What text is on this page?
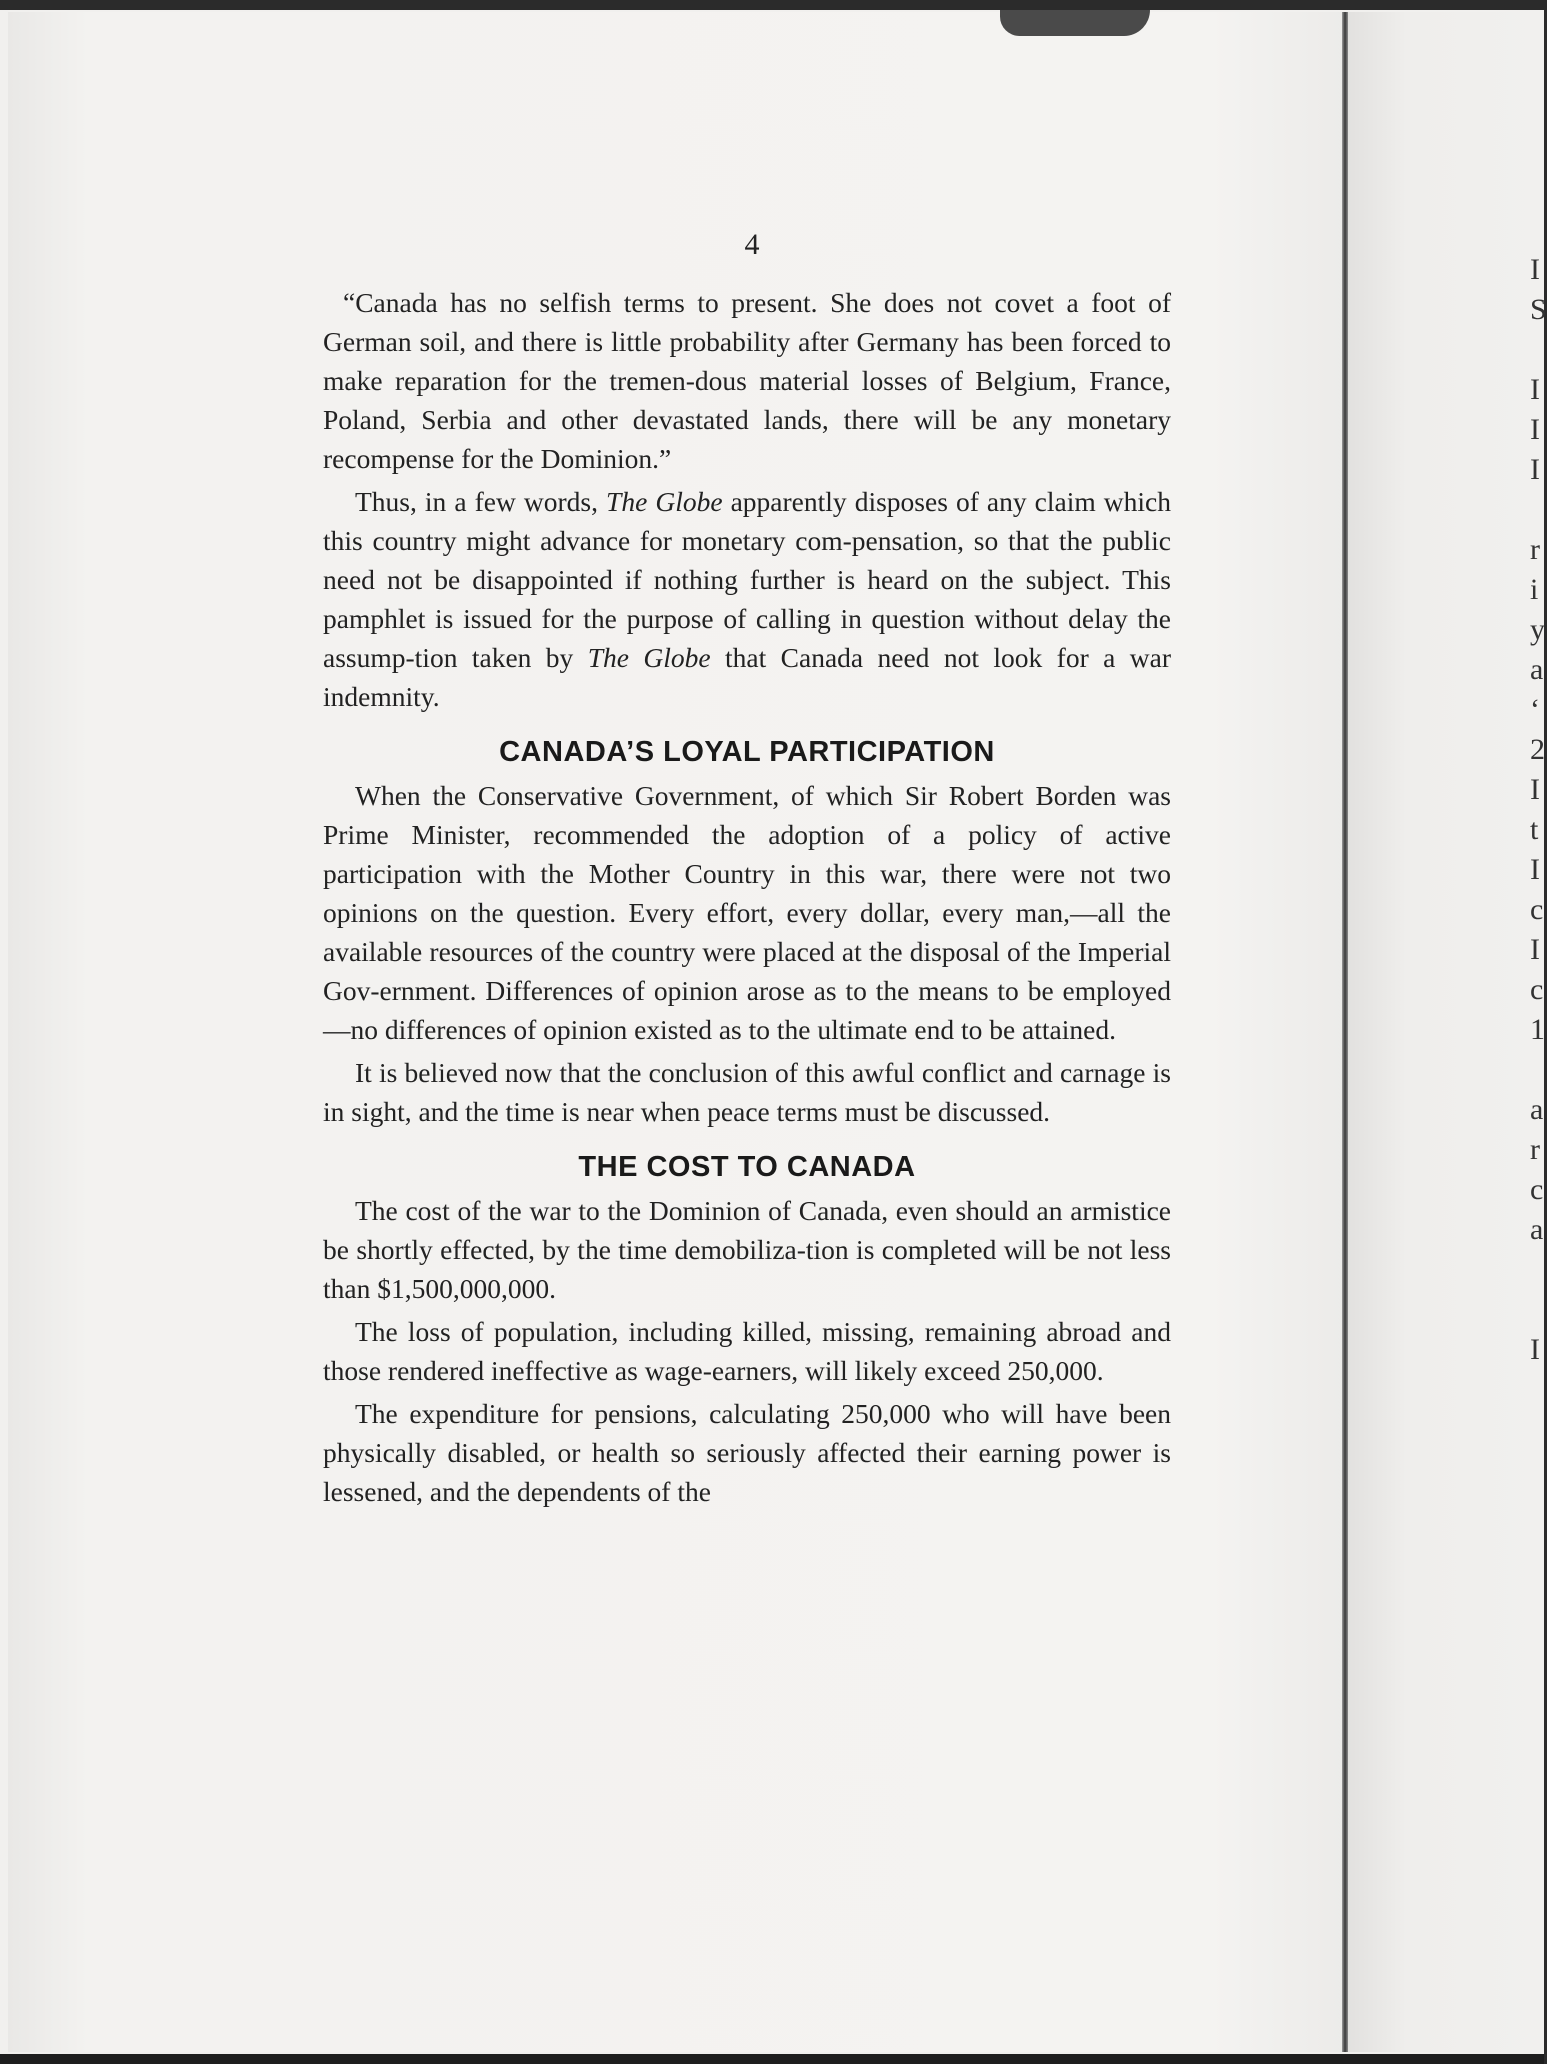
I
S
I
I
I
r
i
y
a
‘
2
I
t
I
c
I
c
1
a
r
c
a
I
4

“Canada has no selfish terms to present. She does not covet a foot of German soil, and there is little probability after Germany has been forced to make reparation for the tremen-dous material losses of Belgium, France, Poland, Serbia and other devastated lands, there will be any monetary recompense for the Dominion.”

Thus, in a few words, The Globe apparently disposes of any claim which this country might advance for monetary com-pensation, so that the public need not be disappointed if nothing further is heard on the subject. This pamphlet is issued for the purpose of calling in question without delay the assump-tion taken by The Globe that Canada need not look for a war indemnity.

CANADA’S LOYAL PARTICIPATION

When the Conservative Government, of which Sir Robert Borden was Prime Minister, recommended the adoption of a policy of active participation with the Mother Country in this war, there were not two opinions on the question. Every effort, every dollar, every man,—all the available resources of the country were placed at the disposal of the Imperial Gov-ernment. Differences of opinion arose as to the means to be employed—no differences of opinion existed as to the ultimate end to be attained.

It is believed now that the conclusion of this awful conflict and carnage is in sight, and the time is near when peace terms must be discussed.

THE COST TO CANADA

The cost of the war to the Dominion of Canada, even should an armistice be shortly effected, by the time demobiliza-tion is completed will be not less than $1,500,000,000.

The loss of population, including killed, missing, remaining abroad and those rendered ineffective as wage-earners, will likely exceed 250,000.

The expenditure for pensions, calculating 250,000 who will have been physically disabled, or health so seriously affected their earning power is lessened, and the dependents of the
